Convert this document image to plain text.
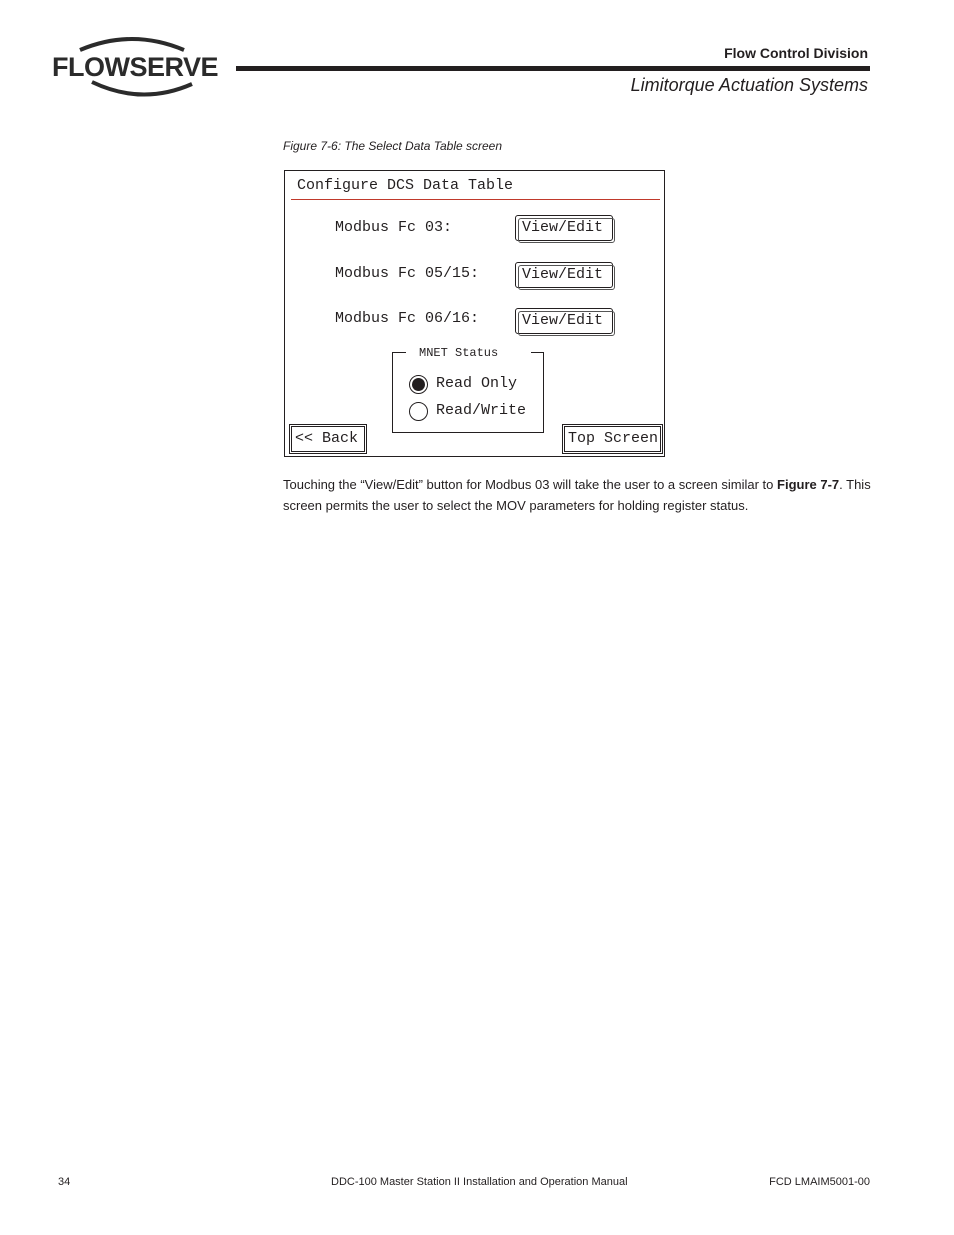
FLOWSERVE	Flow Control Division
Limitorque Actuation Systems
Figure 7-6: The Select Data Table screen
Configure DCS Data Table
Modbus Fc 03:	View/Edit
Modbus Fc 05/15:	View/Edit
Modbus Fc 06/16:	View/Edit
MNET Status
Read Only
Read/Write
<< Back	Top Screen
Touching the “View/Edit” button for Modbus 03 will take the user to a screen similar to Figure 7-7. This screen permits the user to select the MOV parameters for holding register status.
34	DDC-100 Master Station II Installation and Operation Manual	FCD LMAIM5001-00
